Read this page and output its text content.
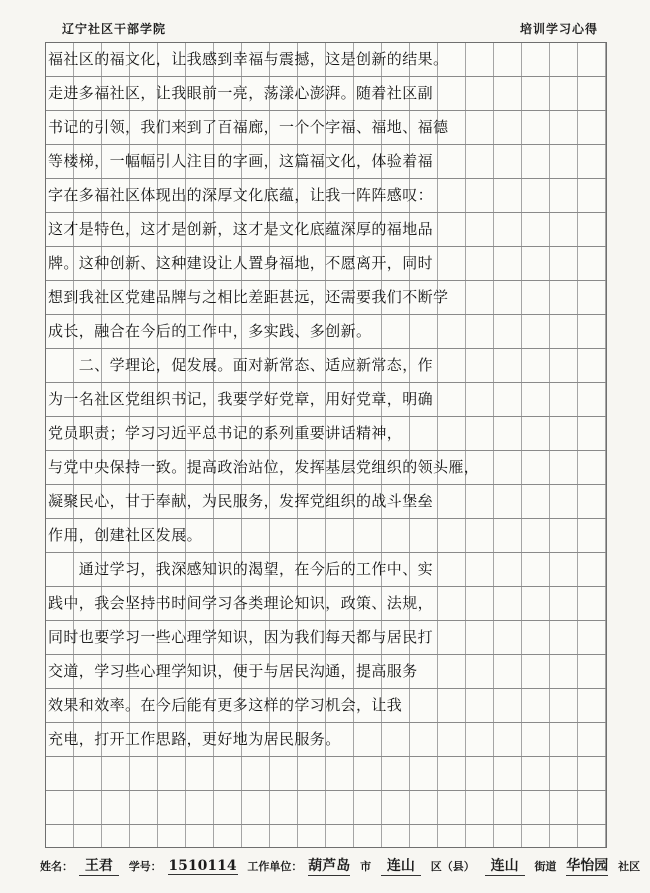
辽宁社区干部学院	培训学习心得
福社区的福文化，让我感到幸福与震撼，这是创新的结果。
走进多福社区，让我眼前一亮，荡漾心澎湃。随着社区副
书记的引领，我们来到了百福廊，一个个字福、福地、福德
等楼梯，一幅幅引人注目的字画，这篇福文化，体验着福
字在多福社区体现出的深厚文化底蕴，让我一阵阵感叹：
这才是特色，这才是创新，这才是文化底蕴深厚的福地品
牌。这种创新、这种建设让人置身福地，不愿离开，同时
想到我社区党建品牌与之相比差距甚远，还需要我们不断学
成长，融合在今后的工作中，多实践、多创新。
　　二、学理论，促发展。面对新常态、适应新常态，作
为一名社区党组织书记，我要学好党章，用好党章，明确
党员职责；学习习近平总书记的系列重要讲话精神，
与党中央保持一致。提高政治站位，发挥基层党组织的领头雁，
凝聚民心，甘于奉献，为民服务，发挥党组织的战斗堡垒
作用，创建社区发展。
　　通过学习，我深感知识的渴望，在今后的工作中、实
践中，我会坚持书时间学习各类理论知识，政策、法规，
同时也要学习一些心理学知识，因为我们每天都与居民打
交道，学习些心理学知识，便于与居民沟通，提高服务
效果和效率。在今后能有更多这样的学习机会，让我
充电，打开工作思路，更好地为居民服务。
姓名： 王君 学号： 1510114 工作单位： 葫芦岛 市 连山 区（县） 连山 街道 华怡园 社区
